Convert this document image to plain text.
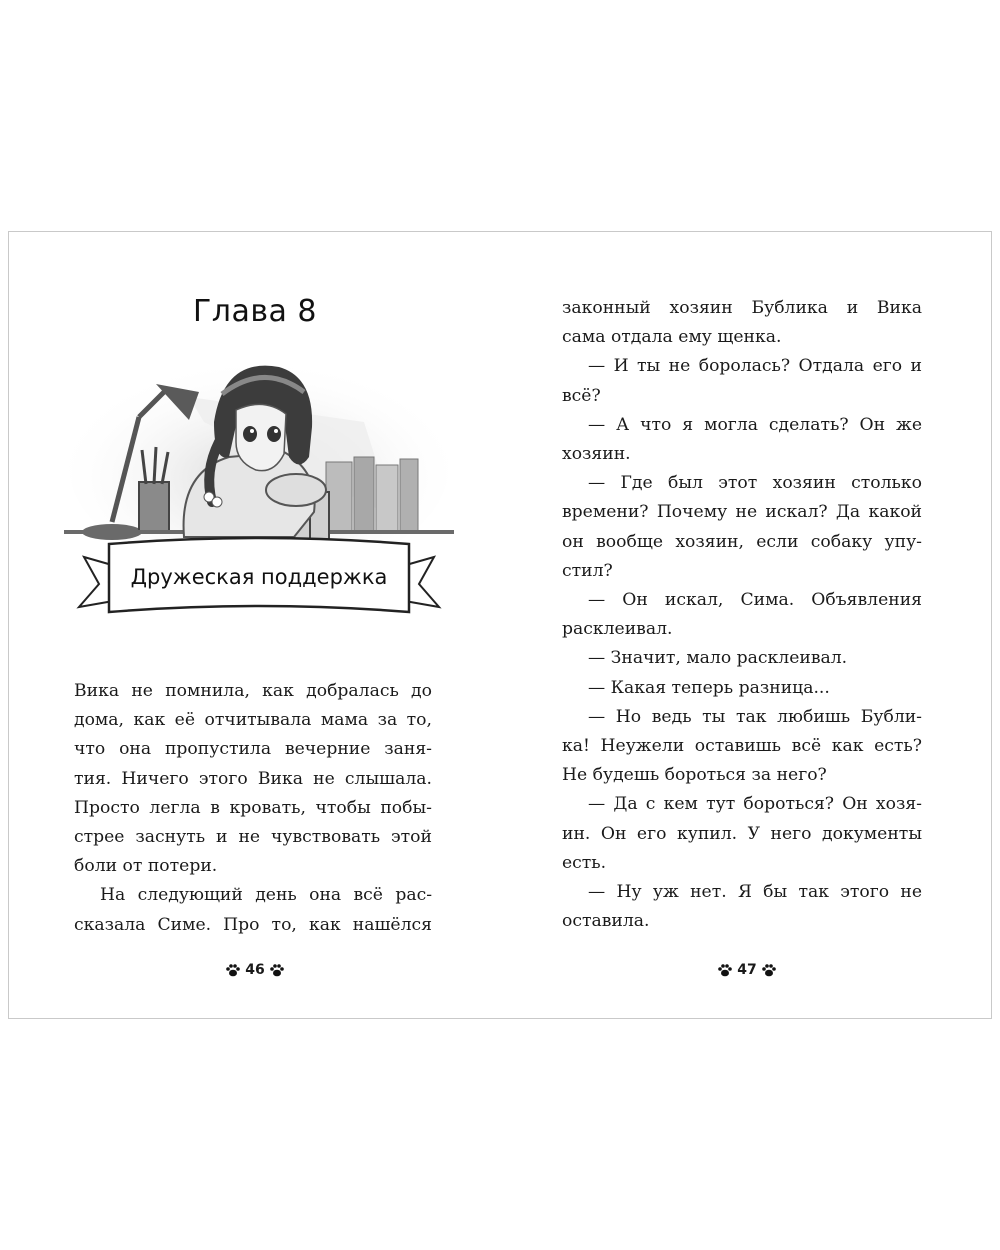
Глава 8
Дружеская поддержка

Вика не помнила, как добралась до
дома, как её отчитывала мама за то,
что она пропустила вечерние заня-
тия. Ничего этого Вика не слышала.
Просто легла в кровать, чтобы побы-
стрее заснуть и не чувствовать этой
боли от потери.

На следующий день она всё рас-
сказала Симе. Про то, как нашёлся

46

законный хозяин Бублика и Вика
сама отдала ему щенка.

— И ты не боролась? Отдала его и
всё?

— А что я могла сделать? Он же
хозяин.

— Где был этот хозяин столько
времени? Почему не искал? Да какой
он вообще хозяин, если собаку упу-
стил?

— Он искал, Сима. Объявления
расклеивал.

— Значит, мало расклеивал.

— Какая теперь разница...

— Но ведь ты так любишь Бубли-
ка! Неужели оставишь всё как есть?
Не будешь бороться за него?

— Да с кем тут бороться? Он хозя-
ин. Он его купил. У него документы
есть.

— Ну уж нет. Я бы так этого не
оставила.

47
